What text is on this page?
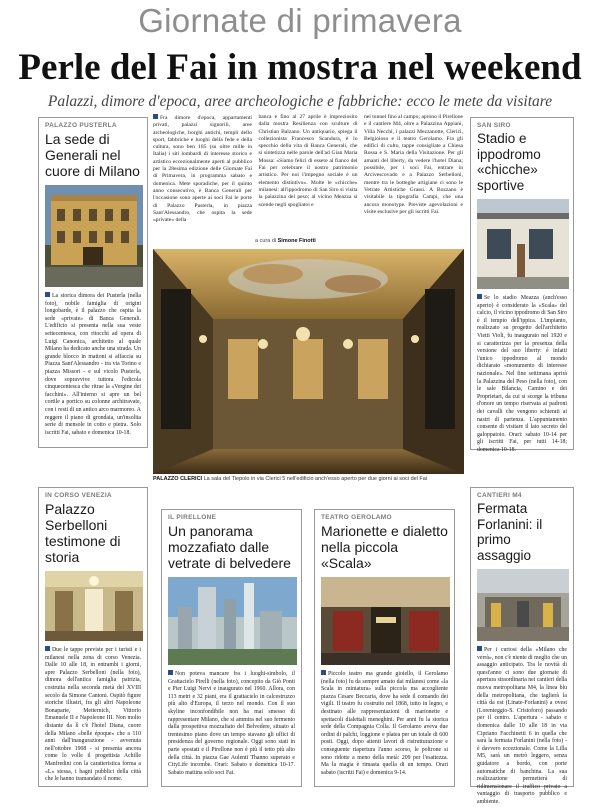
Giornate di primavera
Perle del Fai in mostra nel weekend
Palazzi, dimore d'epoca, aree archeologiche e fabbriche: ecco le mete da visitare
PALAZZO PUSTERLA
La sede di Generali nel cuore di Milano
La storica dimora dei Pusterla (nella foto), nobile famiglia di origini longobarde, è il palazzo che ospita la sede «private» di Banca Generali. L'edificio si presenta nella sua veste settecentesca, con ritocchi ad opera di Luigi Canonica, architetto al quale Milano ha dedicato anche una strada. Un grande blocco in mattoni si affaccia su Piazza Sant'Alessandro - tra via Torino e piazza Missori - e sul vicolo Pusterla, dove sopravvive tuttora l'edicola cinquecentesca che ritrae la «Vergine dei facchini». All'interno si apre un bel cortile a portico su colonne architravate, con i resti di un antico arco marmoreo. A reggere il piano di grondaia, un'insolita serie di mensole in cotto e pietra. Solo iscritti Fai, sabato e domenica 10-18.
Fra dimore d'epoca, appartamenti privati, palazzi signorili, aree archeologiche, borghi antichi, templi dello sport, fabbriche e luoghi della fede e della cultura, sono ben 185 (su oltre mille in Italia) i siti lombardi di interesse storico e artistico eccezionalmente aperti al pubblico per la 28esima edizione delle Giornate Fai di Primavera, in programma sabato e domenica. Mete sporadiche, per il quinto anno consecutivo, è Banca Generali per l'occasione sono aperte ai soci Fai le porte di Palazzo Pusterla, in piazza Sant'Alessandro, che ospita la sede «private» della
banca e fino al 27 aprile è impreziosito dalla mostra Resilienza con sculture di Christian Balzano. Un antiquario, spiega il collezionista Francesco Scandura, è lo specchio della vita di Banca Generali, che si sintetizza nelle parole dell'ad Gian Maria Mossa: «Siamo felici di essere al fianco del Fai per celebrare il nostro patrimonio artistico. Per noi l'impegno sociale è un elemento distintivo». Molte le «chicche» milanesi: all'ippodromo di San Siro si visita la palazzina del peso; al vicino Meazza si scende negli spogliatoi e
nel tunnel fino al campo; aprono il Pirellone e il cantiere M4, oltre a Palazzina Appiani, Villa Necchi, i palazzi Mezzanotte, Clerici, Belgioioso e il teatro Gerolamo. Fra gli edifici di culto, tappe consigliate a Chiesa Rossa e S. Maria della Visitazione. Per gli amanti del liberty, da vedere l'hotel Diana; possibile, per i soci Fai, entrare in Arcivescovado e a Palazzo Serbelloni, mentre tra le botteghe artigiane ci sono le Vetrate Artistiche Grassi. A Bozzano è visitabile la tipografia Campi, che una ancora monotype. Previste agevolazioni e visite esclusive per gli iscritti Fai.
a cura di Simone Finotti
PALAZZO CLERICI La sala del Tiepolo in via Clerici 5 nell'edificio anch'esso aperto per due giorni ai soci del Fai
SAN SIRO
Stadio e ippodromo «chicche» sportive
Se lo stadio Meazza (anch'esso aperto) è considerato la «Scala» del calcio, il vicino ippodromo di San Siro è il tempio dell'ippica. L'impianto, realizzato su progetto dell'architetto Vietti Violi, fu inaugurato nel 1920 e si caratterizza per la presenza della versione del suo liberty: è infatti l'unico ippodromo al mondo dichiarato «monumento di interesse nazionale». Nel fine settimana aprirà la Palazzina del Peso (nella foto), con le sale Bilancia, Camino e dei Proprietari, da cui si scorge la tribuna d'onore un tempo riservata ai padroni dei cavalli che vengono schierati ai nastri di partenza. L'appuntamento consente di visitare il lato secreto del galoppatoio. Orari: sabato 10-14 per gli iscritti Fai, per tutti 14-18; domenica 10-18.
IN CORSO VENEZIA
Palazzo Serbelloni testimone di storia
Due le tappe previste per i turisti e i milanesi nella zona di corso Venezia. Dalle 10 alle 18, in entrambi i giorni, apre Palazzo Serbelloni (nella foto), dimora dell'antica famiglia patrizia, costruita nella seconda metà del XVIII secolo da Simone Cantoni. Ospitò figure storiche illustri, fra gli altri Napoleone Bonaparte, Metternich, Vittorio Emanuele II e Napoleone III. Non molto distante da lì c'è l'hotel Diana, cuore della Milano «belle époque» che a 110 anni dall'inaugurazione - avvenuta nell'ottobre 1908 - si presenta ancora come lo volle il progettista Achille Manfredini con la caratteristica forma a «L» stessa, i bagni pubblici della città che le hanno tramandato il nome.
IL PIRELLONE
Un panorama mozzafiato dalle vetrate di belvedere
Non poteva mancare fra i luoghi-simbolo, il Grattacielo Pirelli (nella foto), concepito da Giò Ponti e Pier Luigi Nervi e inaugurato nel 1960. Allora, con 113 metri e 32 piani, era il grattacielo in calcestruzzo più alto d'Europa, il terzo nel mondo. Con il suo skyline inconfondibile non ha mai smesso di rappresentare Milano, che si ammira nel suo fermento dalla prospettiva mozzafiato del Belvedere, situato al trentesimo piano dove un tempo stavano gli uffici di presidenza del governo regionale. Oggi sono stati in parte spostati e il Pirellone non è più il tetto più alto della città. In piazza Gae Aulenti Thanno superato e CityLife incombe. Orari: Sabato e domenica 10-17. Sabato mattina solo soci Fai.
TEATRO GEROLAMO
Marionette e dialetto nella piccola «Scala»
Piccolo teatro ma grande gioiello, il Gerolamo (nella foto) fu da sempre amato dai milanesi come «la Scala in miniatura» sulla piccola ma accogliente piazza Cesare Beccaria, dove ha sede il comando dei vigili. Il teatro fu costruito nel 1868, tutto in legno, e destinato alle rappresentazioni di marionette e spettacoli dialettali meneghini. Per anni fu la storica sede della Compagnia Colla. Il Gerolamo aveva due ordini di palchi, loggione e platea per un totale di 600 posti. Oggi, dopo attenti lavori di ristrutturazione e conseguente riapertura l'anno scorso, le poltrone si sono ridotte a meno della metà: 209 per l'esattezza. Ma la magia è rimasta quella di un tempo. Orari sabato (iscritti Fai) e domenica 9-14.
CANTIERI M4
Fermata Forlanini: il primo assaggio
Per i curiosi della «Milano che verrà», non c'è niente di meglio che un assaggio anticipato. Tra le novità di quest'anno ci sono due giornate di apertura straordinaria nei cantieri della nuova metropolitana M4, la linea blu della metropolitana, che taglierà la città da est (Linate-Forlanini) a ovest (Lorenteggio-S. Cristoforo) passando per il centro. L'apertura - sabato e domenica dalle 10 alle 18 in via Cipriano Facchinetti 6 in quella che sarà la fermata Forlanini (nella foto) - è davvero eccezionale. Come la Lilla M5, sarà un metrò leggero, senza guidatore a bordo, con porte automatiche di banchina. La sua realizzazione permetterà di ridimensionare il traffico privato a vantaggio di trasporto pubblico e ambiente.
